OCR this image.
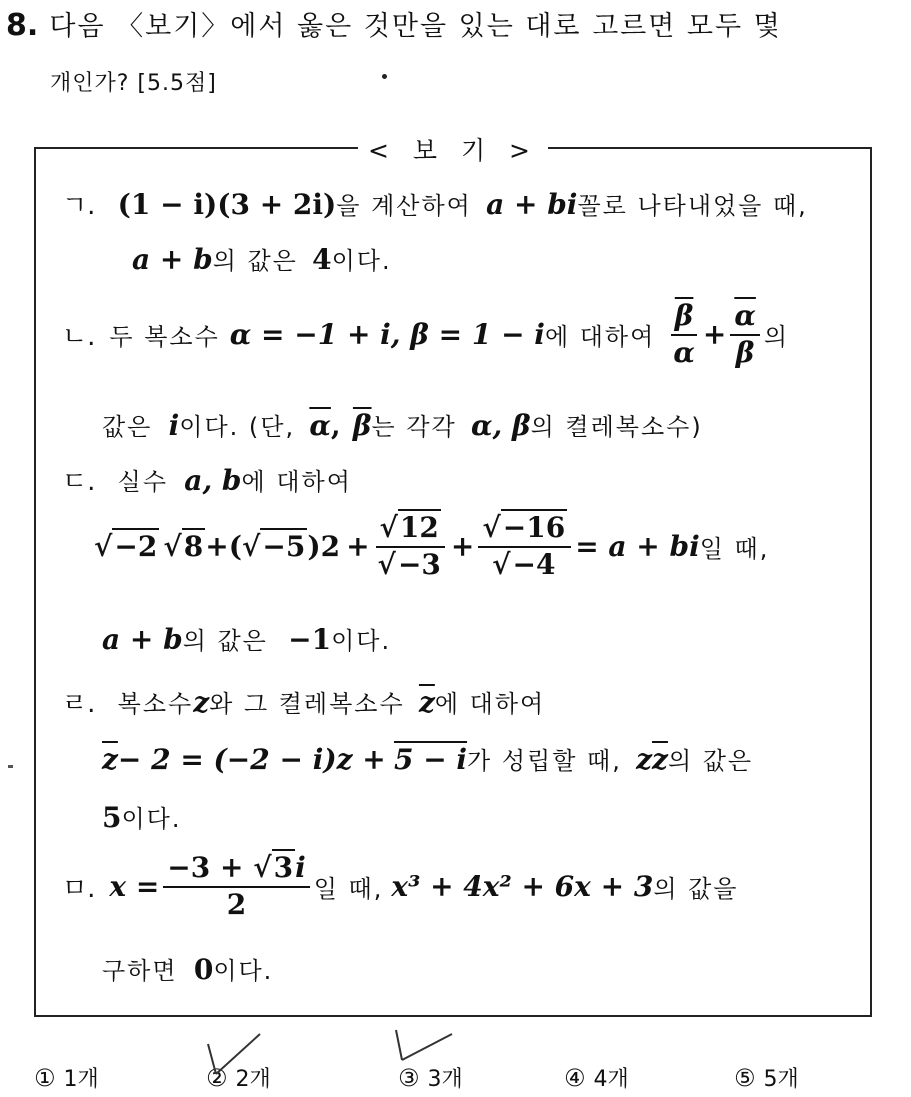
8. 다음 〈보기〉에서 옳은 것만을 있는 대로 고르면 모두 몇
개인가? [5.5점]
< 보 기 >
ㄱ. (1 − i)(3 + 2i)을 계산하여 a + bi꼴로 나타내었을 때,
a + b의 값은 4이다.
ㄴ. 두 복소수 α = −1 + i, β = 1 − i 에 대하여 $\frac{\overline{\beta}}{\alpha} + \frac{\overline{\alpha}}{\beta}$ 의
값은 i이다. (단, $\overline{\alpha}$, $\overline{\beta}$는 각각 α, β의 켤레복소수)
ㄷ. 실수 a, b에 대하여
√−2 √8 +( √−5 ) $2 + \frac{√12}{√-3} + \frac{√-16}{√-4} = a$ + bi 일 때,
a + b의 값은 −1이다.
ㄹ. 복소수z와 그 켤레복소수 $\overline{z}$에 대하여
$\overline{z}- 2 = (-2 - i)z + 5 - i$가 성립할 때, $z\overline{z}$의 값은
5이다.
ㅁ. $x = \frac{-3 + √3i}{2}$ 일 때, x³ + 4x² + 6x + 3 의 값을
구하면 0이다.
① 1개	② 2개	③ 3개	④ 4개	⑤ 5개
